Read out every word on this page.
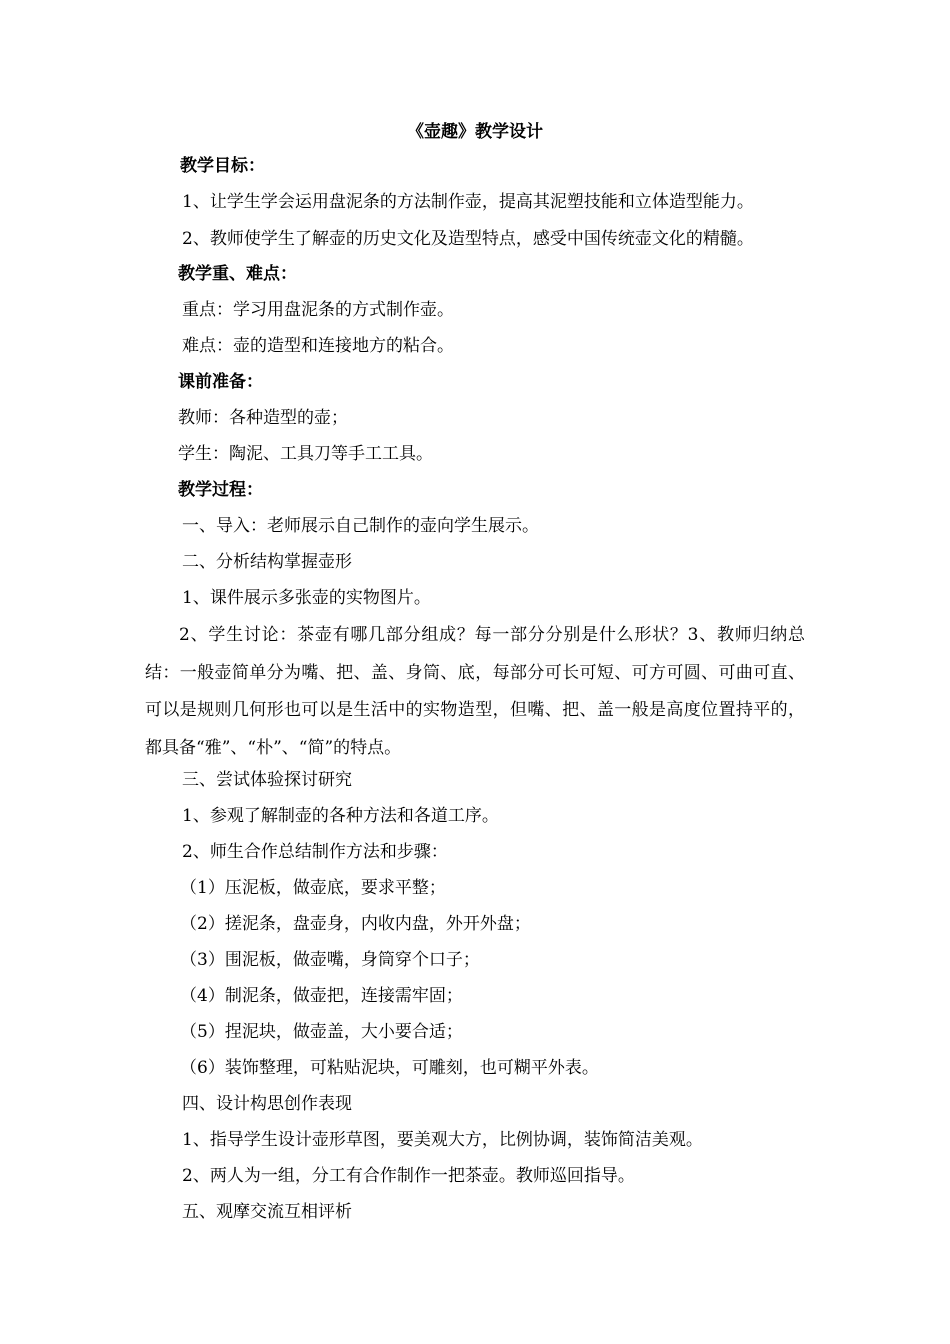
《壶趣》教学设计
教学目标：
1、让学生学会运用盘泥条的方法制作壶，提高其泥塑技能和立体造型能力。
2、教师使学生了解壶的历史文化及造型特点，感受中国传统壶文化的精髓。
教学重、难点：
重点：学习用盘泥条的方式制作壶。
难点：壶的造型和连接地方的粘合。
课前准备：
教师：各种造型的壶；
学生：陶泥、工具刀等手工工具。
教学过程：
一、导入：老师展示自己制作的壶向学生展示。
二、分析结构掌握壶形
1、课件展示多张壶的实物图片。
2、学生讨论：茶壶有哪几部分组成？每一部分分别是什么形状？3、教师归纳总结：一般壶简单分为嘴、把、盖、身筒、底，每部分可长可短、可方可圆、可曲可直、可以是规则几何形也可以是生活中的实物造型，但嘴、把、盖一般是高度位置持平的，都具备“雅”、“朴”、“简”的特点。
三、尝试体验探讨研究
1、参观了解制壶的各种方法和各道工序。
2、师生合作总结制作方法和步骤：
（1）压泥板，做壶底，要求平整；
（2）搓泥条，盘壶身，内收内盘，外开外盘；
（3）围泥板，做壶嘴，身筒穿个口子；
（4）制泥条，做壶把，连接需牢固；
（5）捏泥块，做壶盖，大小要合适；
（6）装饰整理，可粘贴泥块，可雕刻，也可糊平外表。
四、设计构思创作表现
1、指导学生设计壶形草图，要美观大方，比例协调，装饰简洁美观。
2、两人为一组，分工有合作制作一把茶壶。教师巡回指导。
五、观摩交流互相评析
